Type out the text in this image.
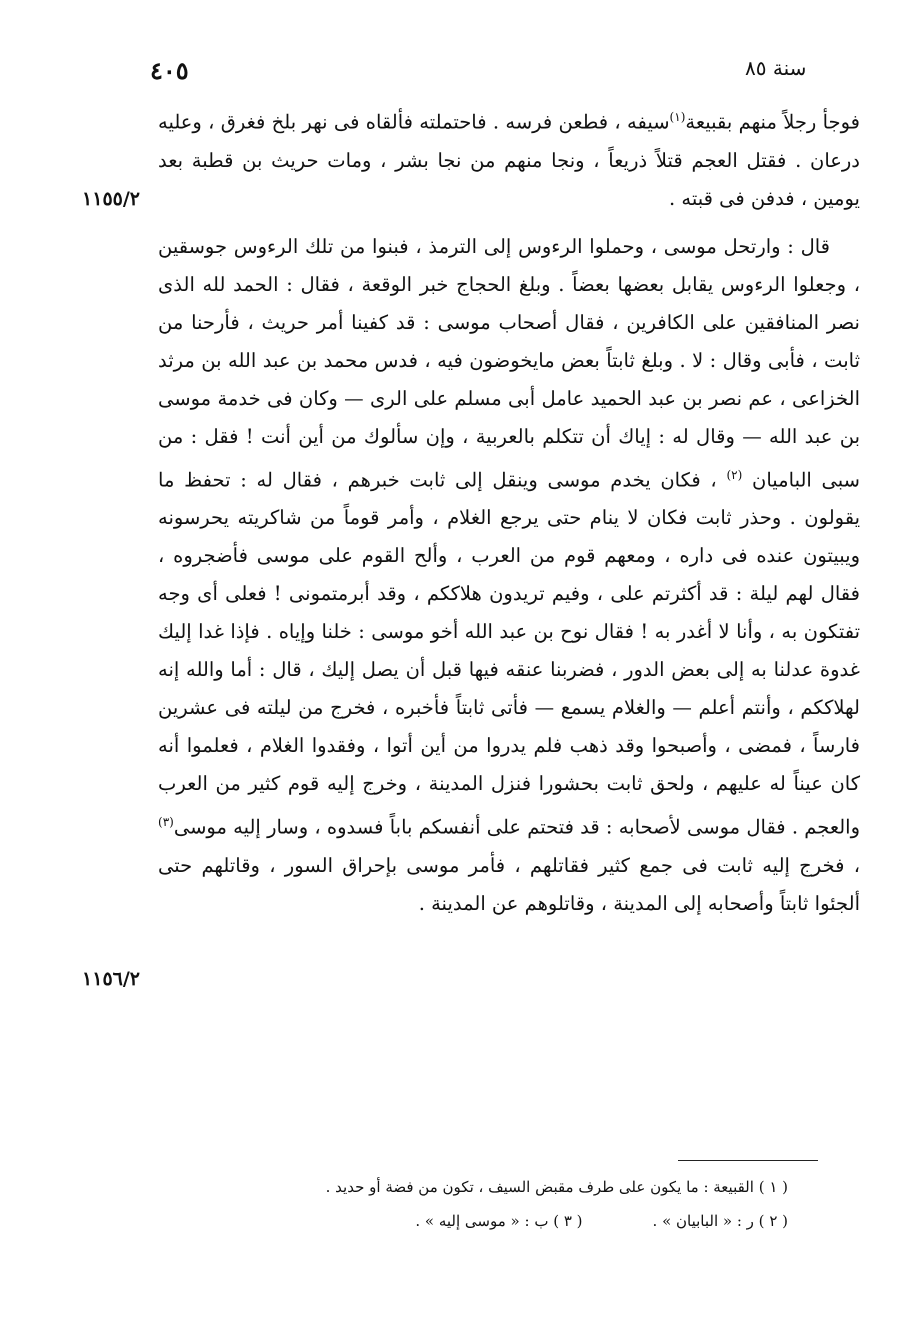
٤٠٥	سنة ٨٥

فوجأ رجلاً منهم بقبيعة$^{(١)}$سيفه ، فطعن فرسه . فاحتملته فألقاه فى نهر بلخ فغرق ، وعليه درعان . فقتل العجم قتلاً ذريعاً ، ونجا منهم من نجا بشر ، ومات حريث بن قطبة بعد يومين ، فدفن فى قبته .

قال : وارتحل موسى ، وحملوا الرءوس إلى الترمذ ، فبنوا من تلك الرءوس جوسقين ، وجعلوا الرءوس يقابل بعضها بعضاً . وبلغ الحجاج خبر الوقعة ، فقال : الحمد لله الذى نصر المنافقين على الكافرين ، فقال أصحاب موسى : قد كفينا أمر حريث ، فأرحنا من ثابت ، فأبى وقال : لا . وبلغ ثابتاً بعض مايخوضون فيه ، فدس محمد بن عبد الله بن مرثد الخزاعى ، عم نصر بن عبد الحميد عامل أبى مسلم على الرى — وكان فى خدمة موسى بن عبد الله — وقال له : إياك أن تتكلم بالعربية ، وإن سألوك من أين أنت ! فقل : من سبى الباميان $^{(٢)}$ ، فكان يخدم موسى وينقل إلى ثابت خبرهم ، فقال له : تحفظ ما يقولون . وحذر ثابت فكان لا ينام حتى يرجع الغلام ، وأمر قوماً من شاكريته يحرسونه ويبيتون عنده فى داره ، ومعهم قوم من العرب ، وألح القوم على موسى فأضجروه ، فقال لهم ليلة : قد أكثرتم على ، وفيم تريدون هلاككم ، وقد أبرمتمونى ! فعلى أى وجه تفتكون به ، وأنا لا أغدر به ! فقال نوح بن عبد الله أخو موسى : خلنا وإياه . فإذا غدا إليك غدوة عدلنا به إلى بعض الدور ، فضربنا عنقه فيها قبل أن يصل إليك ، قال : أما والله إنه لهلاككم ، وأنتم أعلم — والغلام يسمع — فأتى ثابتاً فأخبره ، فخرج من ليلته فى عشرين فارساً ، فمضى ، وأصبحوا وقد ذهب فلم يدروا من أين أتوا ، وفقدوا الغلام ، فعلموا أنه كان عيناً له عليهم ، ولحق ثابت بحشورا فنزل المدينة ، وخرج إليه قوم كثير من العرب والعجم . فقال موسى لأصحابه : قد فتحتم على أنفسكم باباً فسدوه ، وسار إليه موسى$^{(٣)}$ ، فخرج إليه ثابت فى جمع كثير فقاتلهم ، فأمر موسى بإحراق السور ، وقاتلهم حتى ألجئوا ثابتاً وأصحابه إلى المدينة ، وقاتلوهم عن المدينة .

١١٥٥/٢
١١٥٦/٢
( ١ ) القبيعة : ما يكون على طرف مقبض السيف ، تكون من فضة أو حديد .
( ٢ ) ر : « البابيان » .( ٣ ) ب : « موسى إليه » .
